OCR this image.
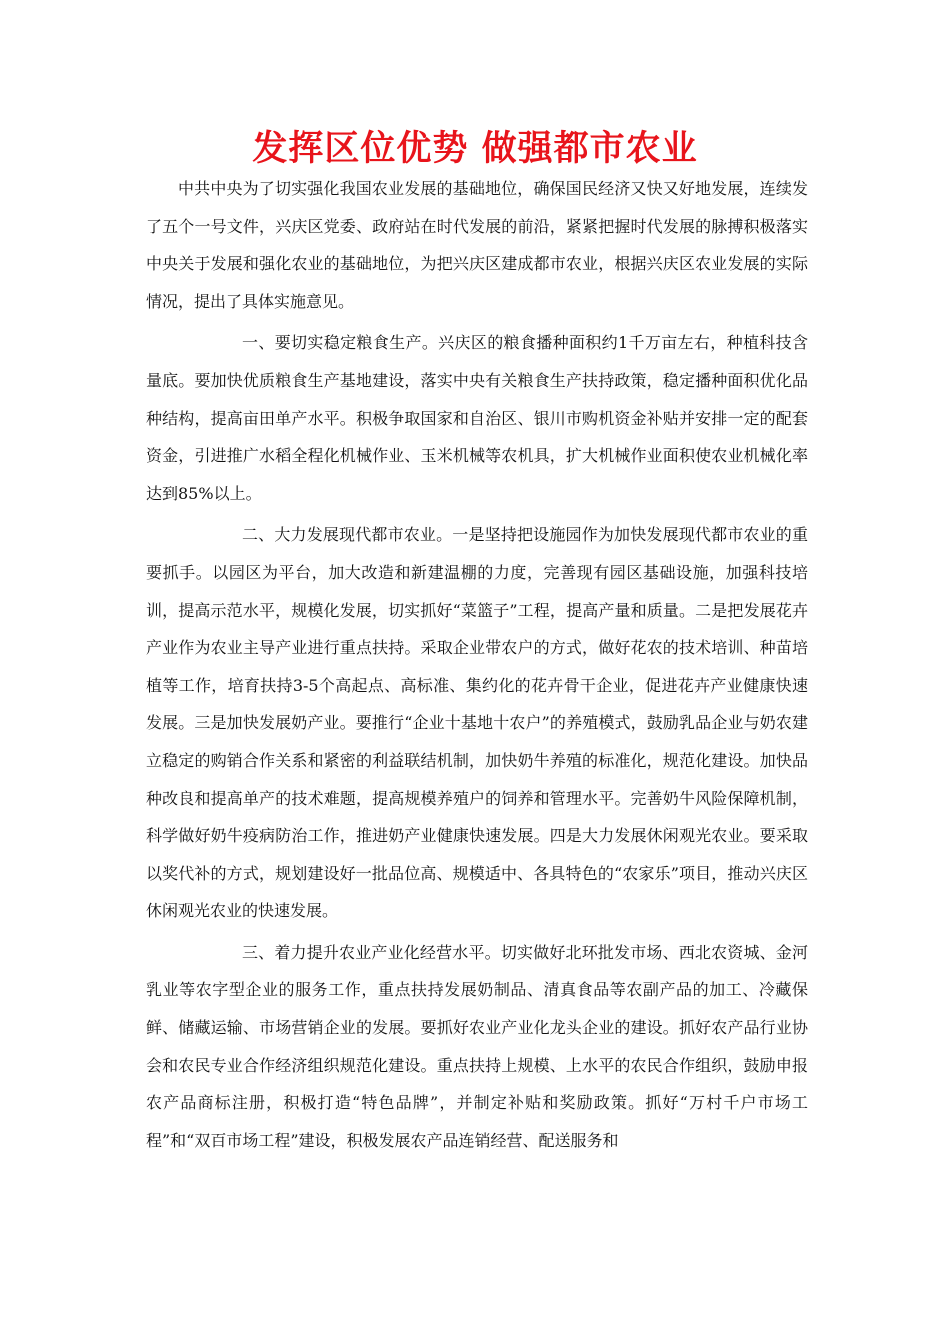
发挥区位优势 做强都市农业

中共中央为了切实强化我国农业发展的基础地位，确保国民经济又快又好地发展，连续发了五个一号文件，兴庆区党委、政府站在时代发展的前沿，紧紧把握时代发展的脉搏积极落实中央关于发展和强化农业的基础地位，为把兴庆区建成都市农业，根据兴庆区农业发展的实际情况，提出了具体实施意见。

一、要切实稳定粮食生产。兴庆区的粮食播种面积约1千万亩左右，种植科技含量底。要加快优质粮食生产基地建设，落实中央有关粮食生产扶持政策，稳定播种面积优化品种结构，提高亩田单产水平。积极争取国家和自治区、银川市购机资金补贴并安排一定的配套资金，引进推广水稻全程化机械作业、玉米机械等农机具，扩大机械作业面积使农业机械化率达到85%以上。

二、大力发展现代都市农业。一是坚持把设施园作为加快发展现代都市农业的重要抓手。以园区为平台，加大改造和新建温棚的力度，完善现有园区基础设施，加强科技培训，提高示范水平，规模化发展，切实抓好“菜篮子”工程，提高产量和质量。二是把发展花卉产业作为农业主导产业进行重点扶持。采取企业带农户的方式，做好花农的技术培训、种苗培植等工作，培育扶持3-5个高起点、高标准、集约化的花卉骨干企业，促进花卉产业健康快速发展。三是加快发展奶产业。要推行“企业十基地十农户”的养殖模式，鼓励乳品企业与奶农建立稳定的购销合作关系和紧密的利益联结机制，加快奶牛养殖的标准化，规范化建设。加快品种改良和提高单产的技术难题，提高规模养殖户的饲养和管理水平。完善奶牛风险保障机制，科学做好奶牛疫病防治工作，推进奶产业健康快速发展。四是大力发展休闲观光农业。要采取以奖代补的方式，规划建设好一批品位高、规模适中、各具特色的“农家乐”项目，推动兴庆区休闲观光农业的快速发展。

三、着力提升农业产业化经营水平。切实做好北环批发市场、西北农资城、金河乳业等农字型企业的服务工作，重点扶持发展奶制品、清真食品等农副产品的加工、冷藏保鲜、储藏运输、市场营销企业的发展。要抓好农业产业化龙头企业的建设。抓好农产品行业协会和农民专业合作经济组织规范化建设。重点扶持上规模、上水平的农民合作组织，鼓励申报农产品商标注册，积极打造“特色品牌”，并制定补贴和奖励政策。抓好“万村千户市场工程”和“双百市场工程”建设，积极发展农产品连销经营、配送服务和
